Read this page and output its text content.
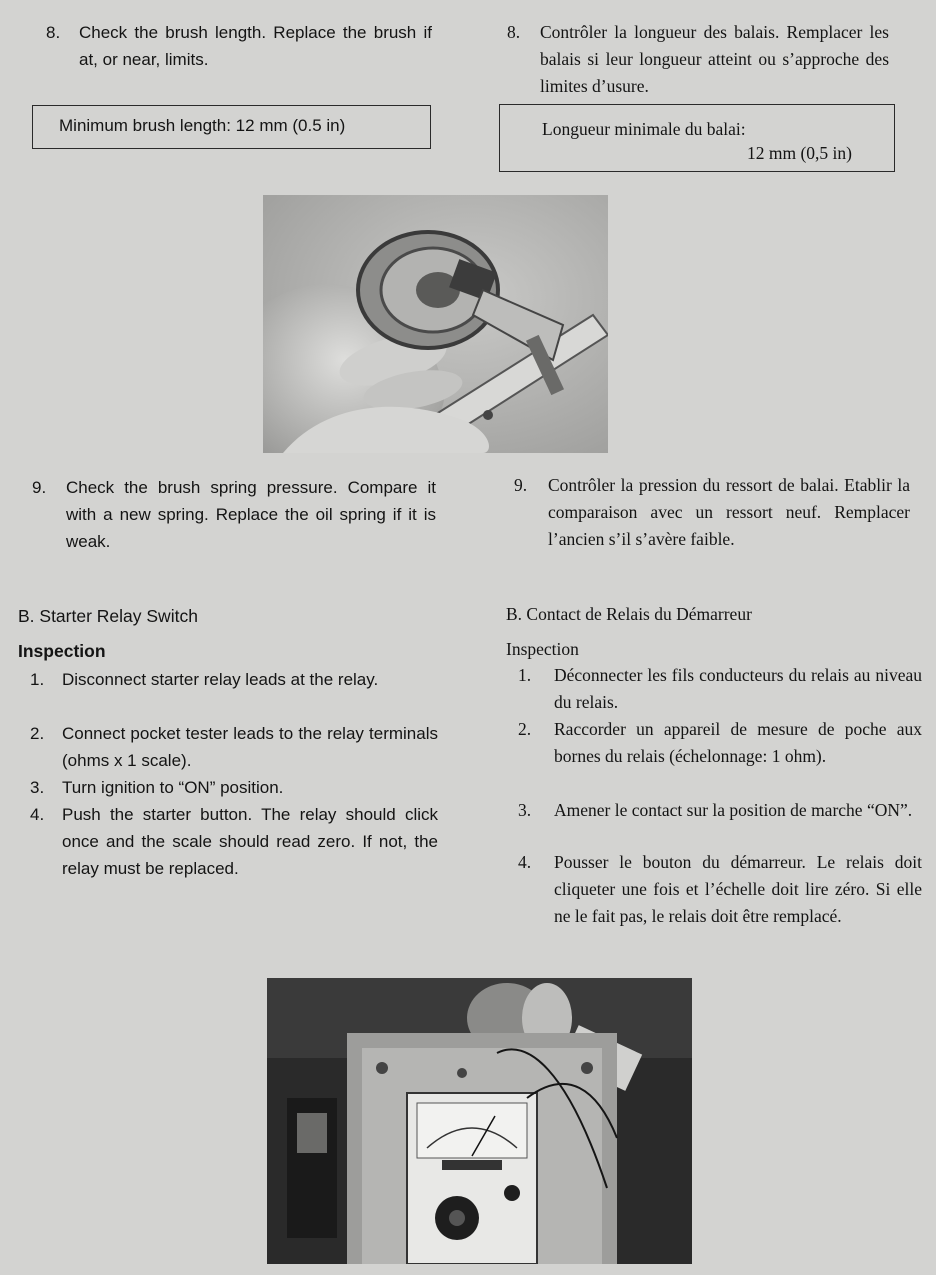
8. Check the brush length. Replace the brush if at, or near, limits.
Minimum brush length: 12 mm (0.5 in)
9. Check the brush spring pressure. Compare it with a new spring. Replace the oil spring if it is weak.
B. Starter Relay Switch
Inspection
1. Disconnect starter relay leads at the relay.
2. Connect pocket tester leads to the relay terminals (ohms x 1 scale).
3. Turn ignition to “ON” position.
4. Push the starter button. The relay should click once and the scale should read zero. If not, the relay must be replaced.
8. Contrôler la longueur des balais. Remplacer les balais si leur longueur atteint ou s’approche des limites d’usure.
Longueur minimale du balai:
12 mm (0,5 in)
9. Contrôler la pression du ressort de balai. Etablir la comparaison avec un ressort neuf. Remplacer l’ancien s’il s’avère faible.
B. Contact de Relais du Démarreur
Inspection
1. Déconnecter les fils conducteurs du relais au niveau du relais.
2. Raccorder un appareil de mesure de poche aux bornes du relais (échelonnage: 1 ohm).
3. Amener le contact sur la position de marche “ON”.
4. Pousser le bouton du démarreur. Le relais doit cliqueter une fois et l’échelle doit lire zéro. Si elle ne le fait pas, le relais doit être remplacé.
